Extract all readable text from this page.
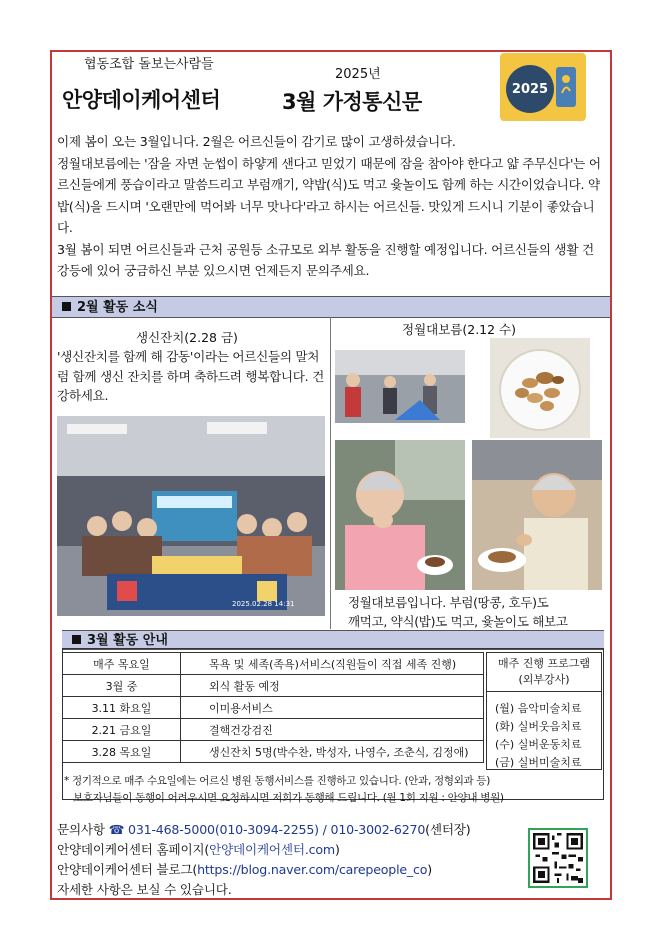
협동조합 돌보는사람들
안양데이케어센터
2025년
3월 가정통신문
2025

이제 봄이 오는 3월입니다. 2월은 어르신들이 감기로 많이 고생하셨습니다.

정월대보름에는 '잠을 자면 눈썹이 하얗게 샌다고 믿었기 때문에 잠을 참아야 한다고 얇 주무신다'는 어르신들에게 풍습이라고 말씀드리고 부럼깨기, 약밥(식)도 먹고 윷놀이도 함께 하는 시간이었습니다. 약밥(식)을 드시며 '오랜만에 먹어봐 너무 맛나다'라고 하시는 어르신들. 맛있게 드시니 기분이 좋았습니다.

3월 봄이 되면 어르신들과 근처 공원등 소규모로 외부 활동을 진행할 예정입니다. 어르신들의 생활 건강등에 있어 궁금하신 부분 있으시면 언제든지 문의주세요.

2월 활동 소식
생신잔치(2.28 금)
'생신잔치를 함께 해 감동'이라는 어르신들의 말처럼 함께 생신 잔치를 하며 축하드려 행복합니다. 건강하세요.
2025.02.28 14:31
정월대보름(2.12 수)
정월대보름입니다. 부럼(땅콩, 호두)도
깨먹고, 약식(밥)도 먹고, 윷놀이도 해보고
3월 활동 안내
매주 목요일	목욕 및 세족(족욕)서비스(직원들이 직접 세족 진행)
3월 중	외식 활동 예정
3.11 화요일	이미용서비스
2.21 금요일	결핵건강검진
3.28 목요일	생신잔치 5명(박수찬, 박성자, 나영수, 조춘식, 김정애)
매주 진행 프로그램
(외부강사)
(월) 음악미술치료
(화) 실버웃음치료
(수) 실버운동치료
(금) 실버미술치료
* 정기적으로 매주 수요일에는 어르신 병원 동행서비스를 진행하고 있습니다. (안과, 정형외과 등)
보호자님들이 동행이 어려우시면 요청하시면 저희가 동행해 드립니다. (월 1회 지원 : 안양내 병원)
문의사항 ☎ 031-468-5000(010-3094-2255) / 010-3002-6270(센터장)
안양데이케어센터 홈페이지(안양데이케어센터.com)
안양데이케어센터 블로그(https://blog.naver.com/carepeople_co)
자세한 사항은 보실 수 있습니다.
